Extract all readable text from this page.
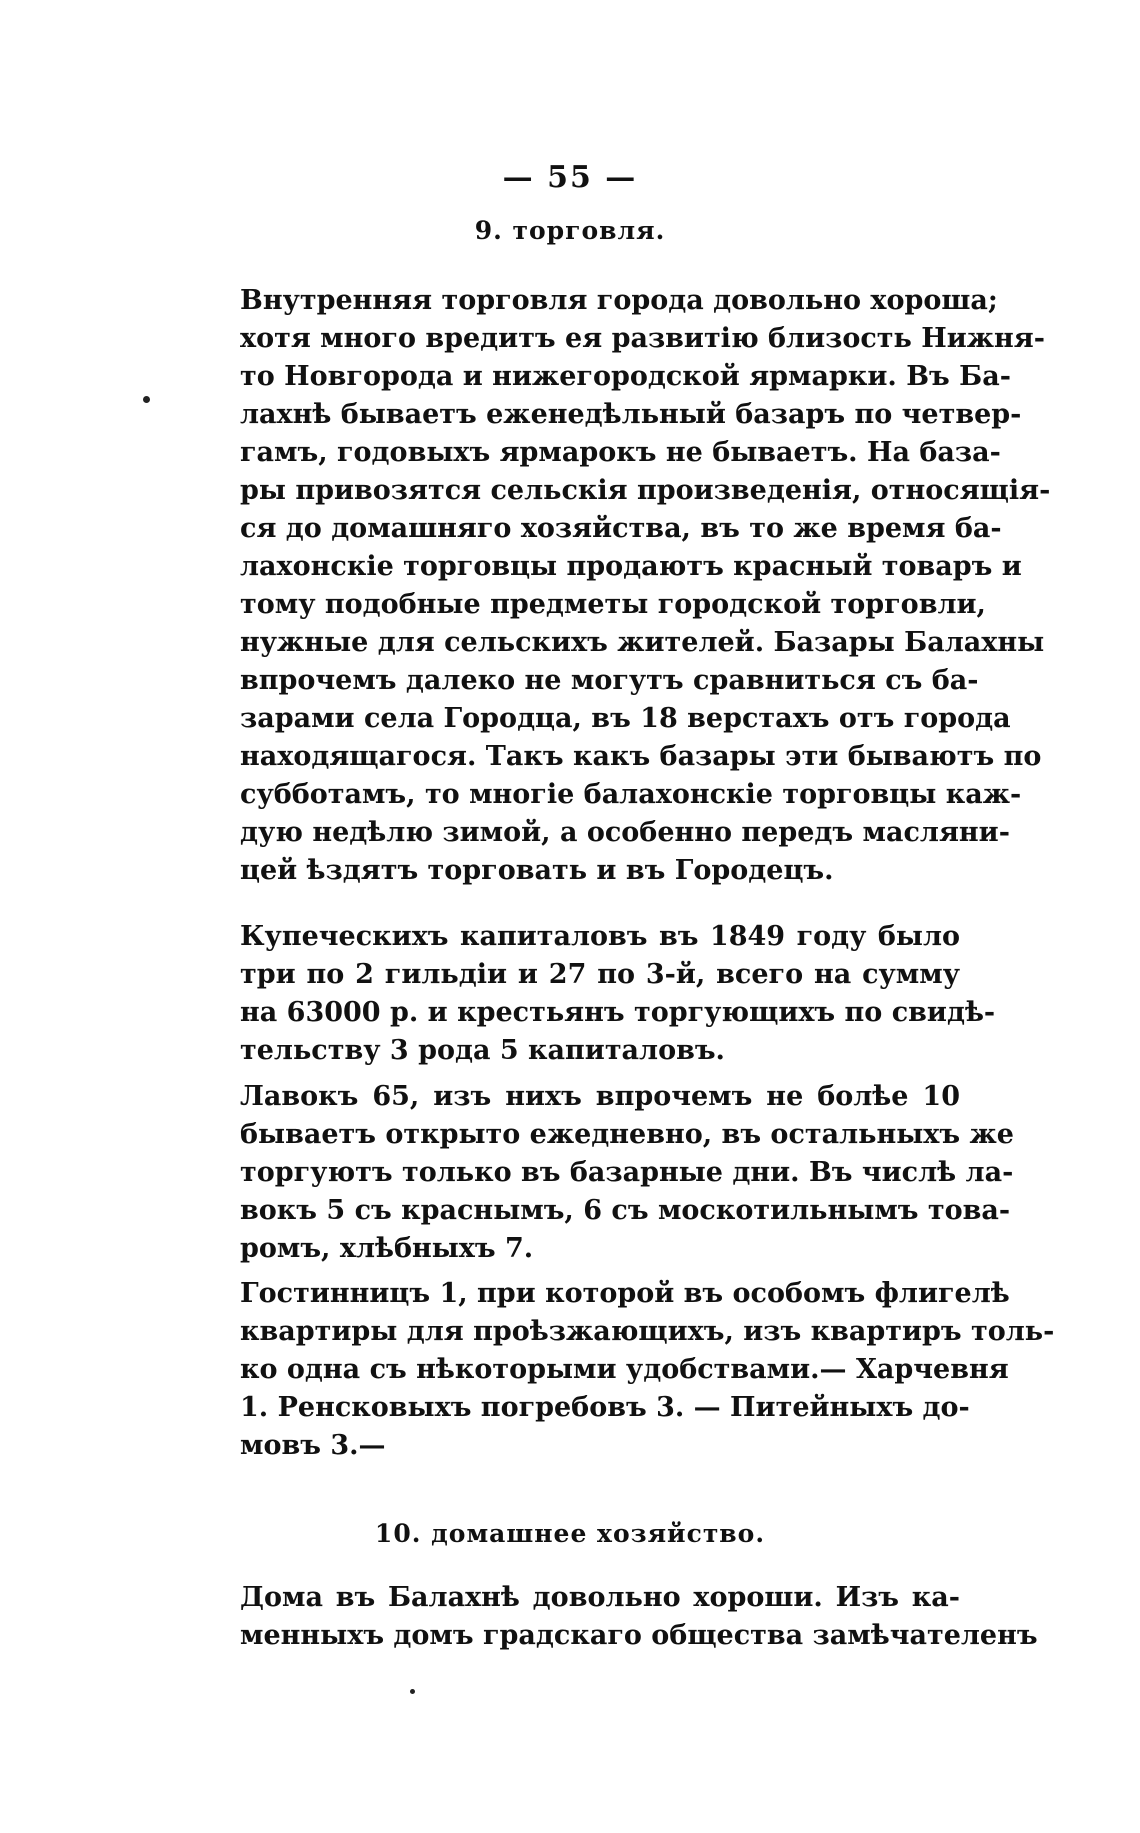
— 55 —
9. торговля.
Внутренняя торговля города довольно хороша;
хотя много вредитъ ея развитію близость Нижня-
то Новгорода и нижегородской ярмарки. Въ Ба-
лахнѣ бываетъ еженедѣльный базаръ по четвер-
гамъ, годовыхъ ярмарокъ не бываетъ. На база-
ры привозятся сельскія произведенія, относящія-
ся до домашняго хозяйства, въ то же время ба-
лахонскіе торговцы продаютъ красный товаръ и
тому подобные предметы городской торговли,
нужные для сельскихъ жителей. Базары Балахны
впрочемъ далеко не могутъ сравниться съ ба-
зарами села Городца, въ 18 верстахъ отъ города
находящагося. Такъ какъ базары эти бываютъ по
субботамъ, то многіе балахонскіе торговцы каж-
дую недѣлю зимой, а особенно передъ масляни-
цей ѣздятъ торговать и въ Городецъ.
Купеческихъ капиталовъ въ 1849 году было
три по 2 гильдіи и 27 по 3-й, всего на сумму
на 63000 р. и крестьянъ торгующихъ по свидѣ-
тельству 3 рода 5 капиталовъ.
Лавокъ 65, изъ нихъ впрочемъ не болѣе 10
бываетъ открыто ежедневно, въ остальныхъ же
торгуютъ только въ базарные дни. Въ числѣ ла-
вокъ 5 съ краснымъ, 6 съ москотильнымъ това-
ромъ, хлѣбныхъ 7.
Гостинницъ 1, при которой въ особомъ флигелѣ
квартиры для проѣзжающихъ, изъ квартиръ толь-
ко одна съ нѣкоторыми удобствами.— Харчевня
1. Ренсковыхъ погребовъ 3. — Питейныхъ до-
мовъ 3.—
10. домашнее хозяйство.
Дома въ Балахнѣ довольно хороши. Изъ ка-
менныхъ домъ градскаго общества замѣчателенъ
